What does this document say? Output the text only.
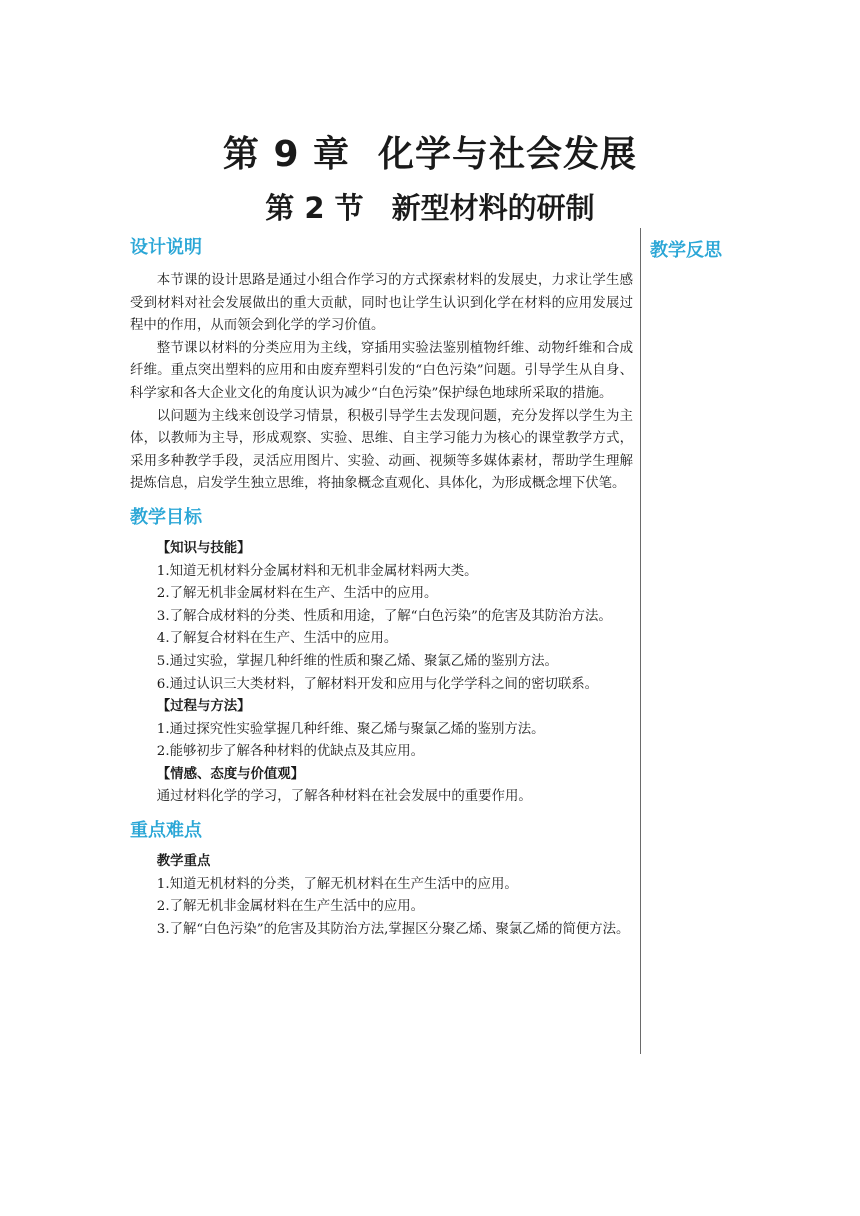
第 9 章 化学与社会发展
第 2 节 新型材料的研制
教学反思
设计说明

本节课的设计思路是通过小组合作学习的方式探索材料的发展史，力求让学生感受到材料对社会发展做出的重大贡献，同时也让学生认识到化学在材料的应用发展过程中的作用，从而领会到化学的学习价值。

整节课以材料的分类应用为主线，穿插用实验法鉴别植物纤维、动物纤维和合成纤维。重点突出塑料的应用和由废弃塑料引发的“白色污染”问题。引导学生从自身、科学家和各大企业文化的角度认识为减少“白色污染”保护绿色地球所采取的措施。

以问题为主线来创设学习情景，积极引导学生去发现问题，充分发挥以学生为主体，以教师为主导，形成观察、实验、思维、自主学习能力为核心的课堂教学方式，采用多种教学手段，灵活应用图片、实验、动画、视频等多媒体素材，帮助学生理解提炼信息，启发学生独立思维，将抽象概念直观化、具体化，为形成概念埋下伏笔。

教学目标

【知识与技能】

1.知道无机材料分金属材料和无机非金属材料两大类。

2.了解无机非金属材料在生产、生活中的应用。

3.了解合成材料的分类、性质和用途，了解“白色污染”的危害及其防治方法。

4.了解复合材料在生产、生活中的应用。

5.通过实验，掌握几种纤维的性质和聚乙烯、聚氯乙烯的鉴别方法。

6.通过认识三大类材料，了解材料开发和应用与化学学科之间的密切联系。

【过程与方法】

1.通过探究性实验掌握几种纤维、聚乙烯与聚氯乙烯的鉴别方法。

2.能够初步了解各种材料的优缺点及其应用。

【情感、态度与价值观】

通过材料化学的学习，了解各种材料在社会发展中的重要作用。

重点难点

教学重点

1.知道无机材料的分类，了解无机材料在生产生活中的应用。

2.了解无机非金属材料在生产生活中的应用。

3.了解“白色污染”的危害及其防治方法,掌握区分聚乙烯、聚氯乙烯的简便方法。
